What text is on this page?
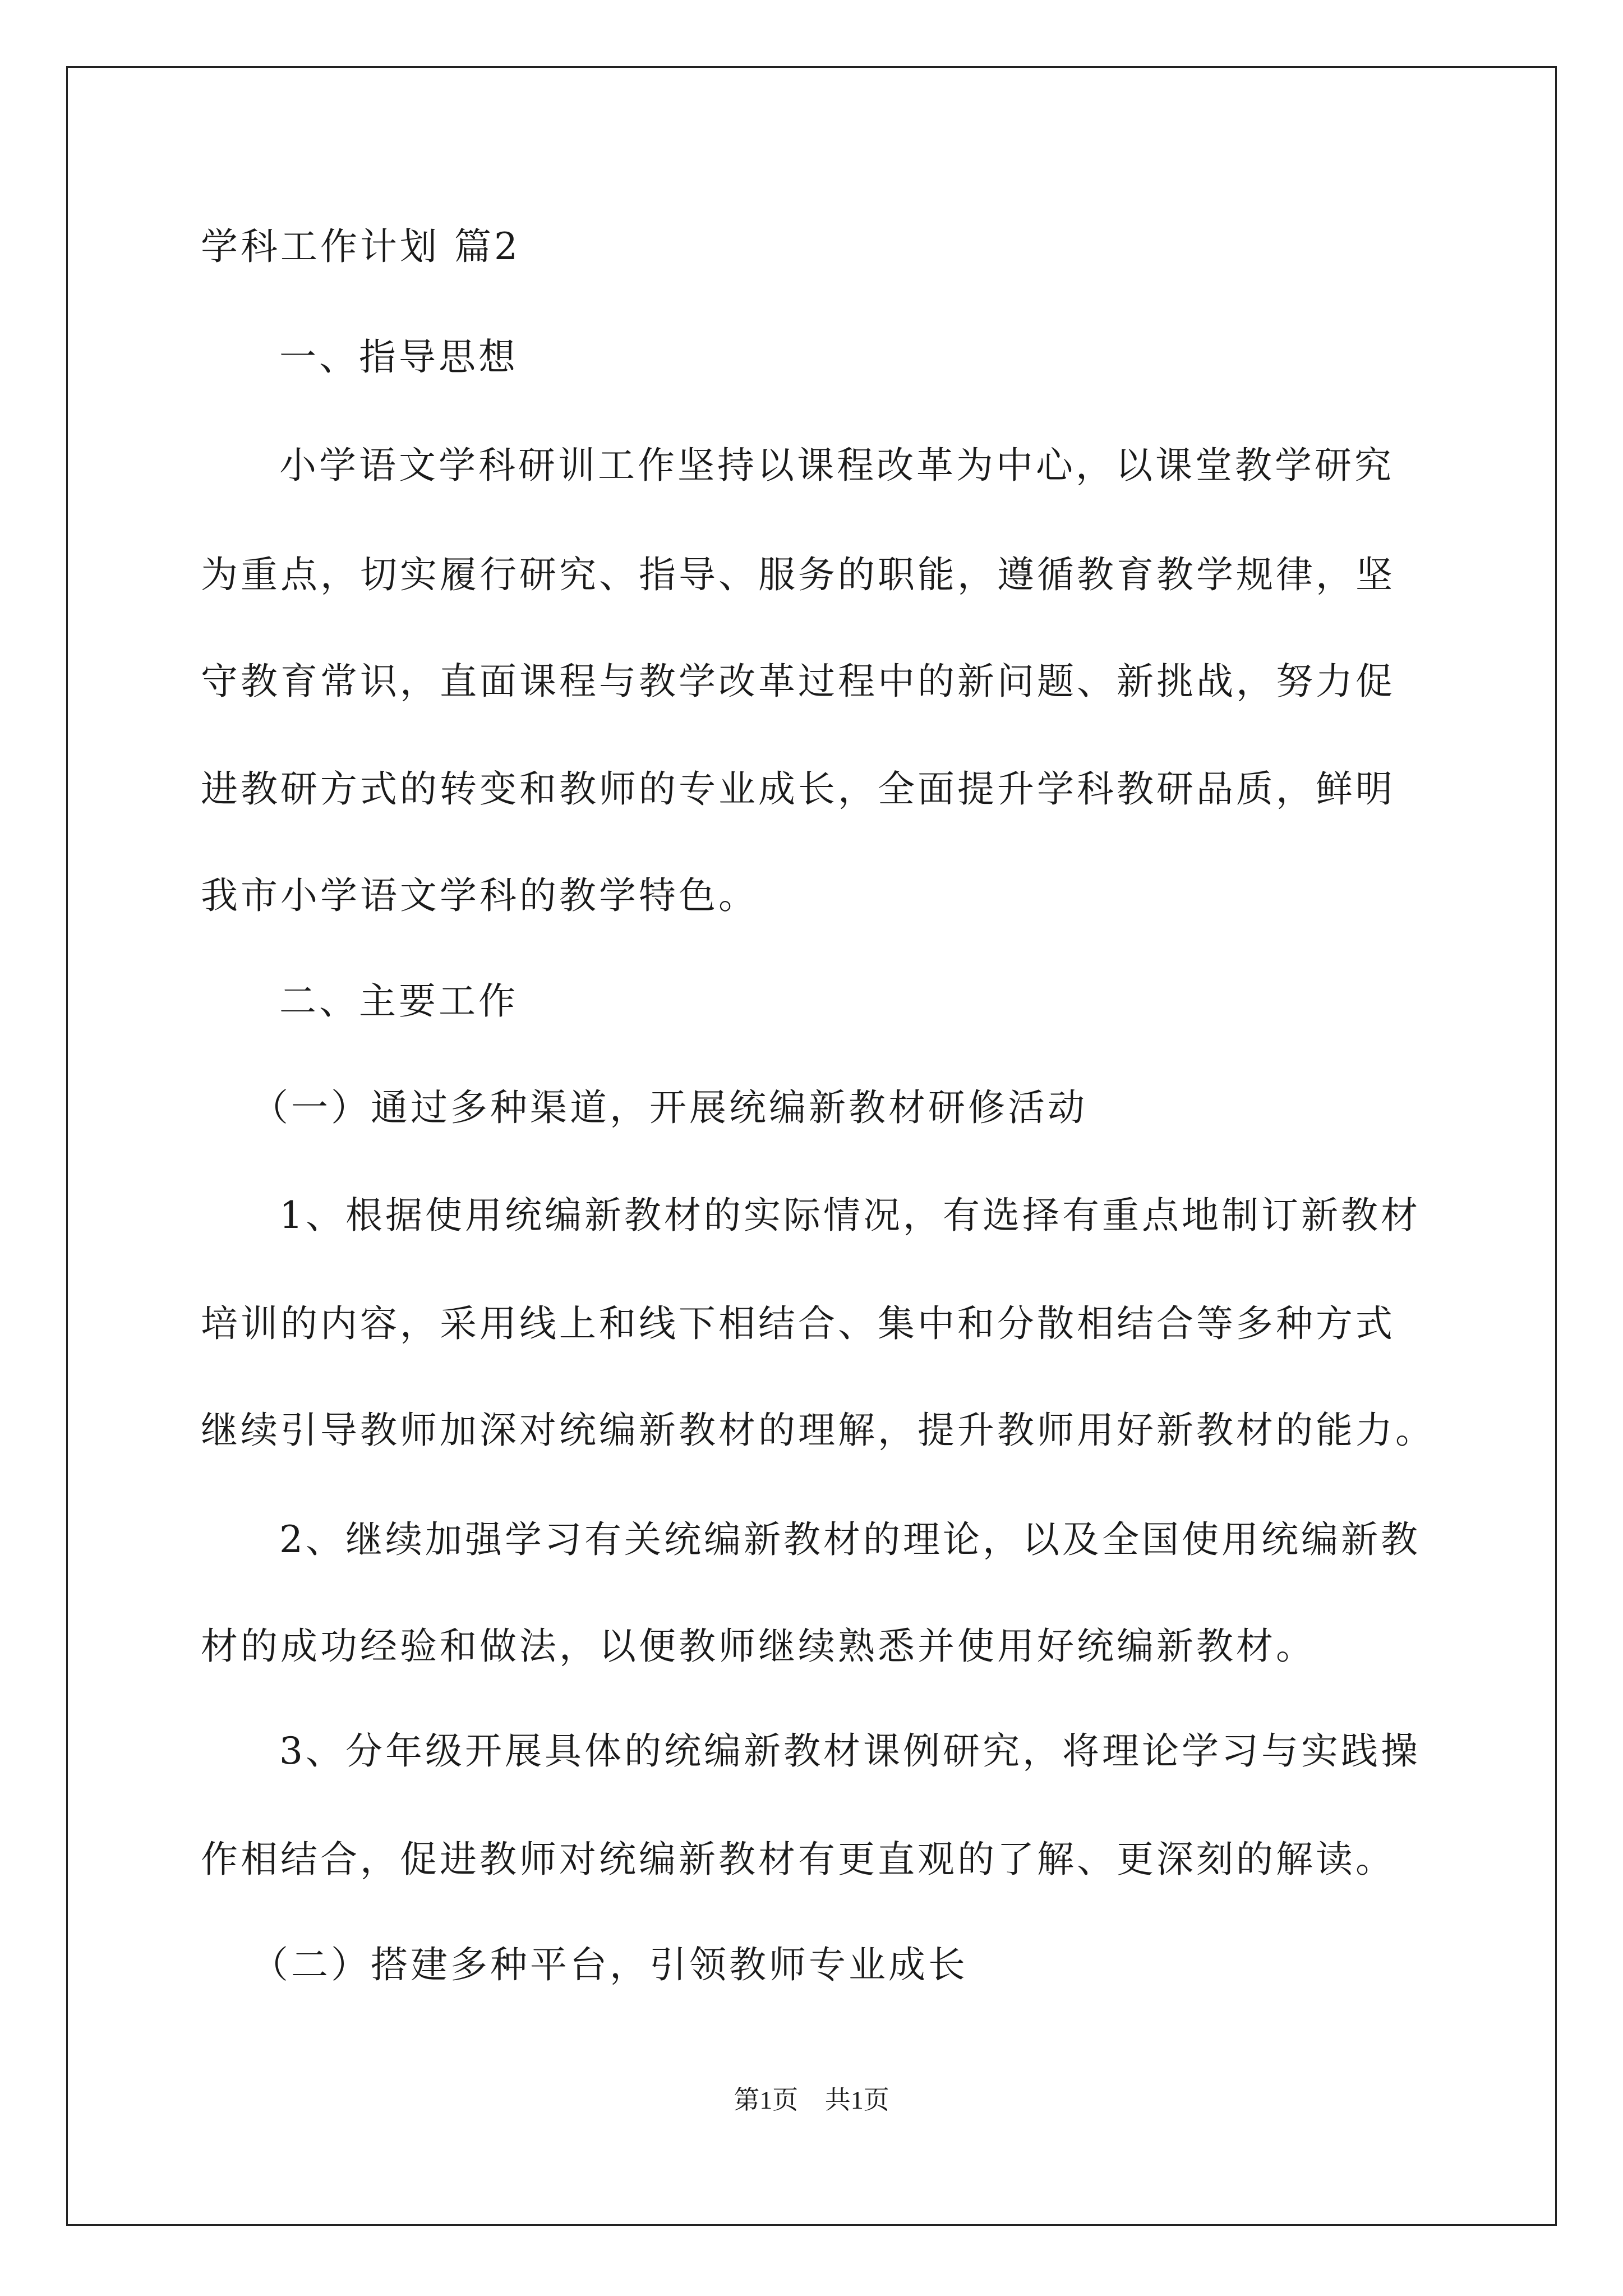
学科工作计划 篇2
一、指导思想
小学语文学科研训工作坚持以课程改革为中心，以课堂教学研究
为重点，切实履行研究、指导、服务的职能，遵循教育教学规律，坚
守教育常识，直面课程与教学改革过程中的新问题、新挑战，努力促
进教研方式的转变和教师的专业成长，全面提升学科教研品质，鲜明
我市小学语文学科的教学特色。
二、主要工作
（一）通过多种渠道，开展统编新教材研修活动
1、根据使用统编新教材的实际情况，有选择有重点地制订新教材
培训的内容，采用线上和线下相结合、集中和分散相结合等多种方式
继续引导教师加深对统编新教材的理解，提升教师用好新教材的能力。
2、继续加强学习有关统编新教材的理论，以及全国使用统编新教
材的成功经验和做法，以便教师继续熟悉并使用好统编新教材。
3、分年级开展具体的统编新教材课例研究，将理论学习与实践操
作相结合，促进教师对统编新教材有更直观的了解、更深刻的解读。
（二）搭建多种平台，引领教师专业成长
第1页 共1页
